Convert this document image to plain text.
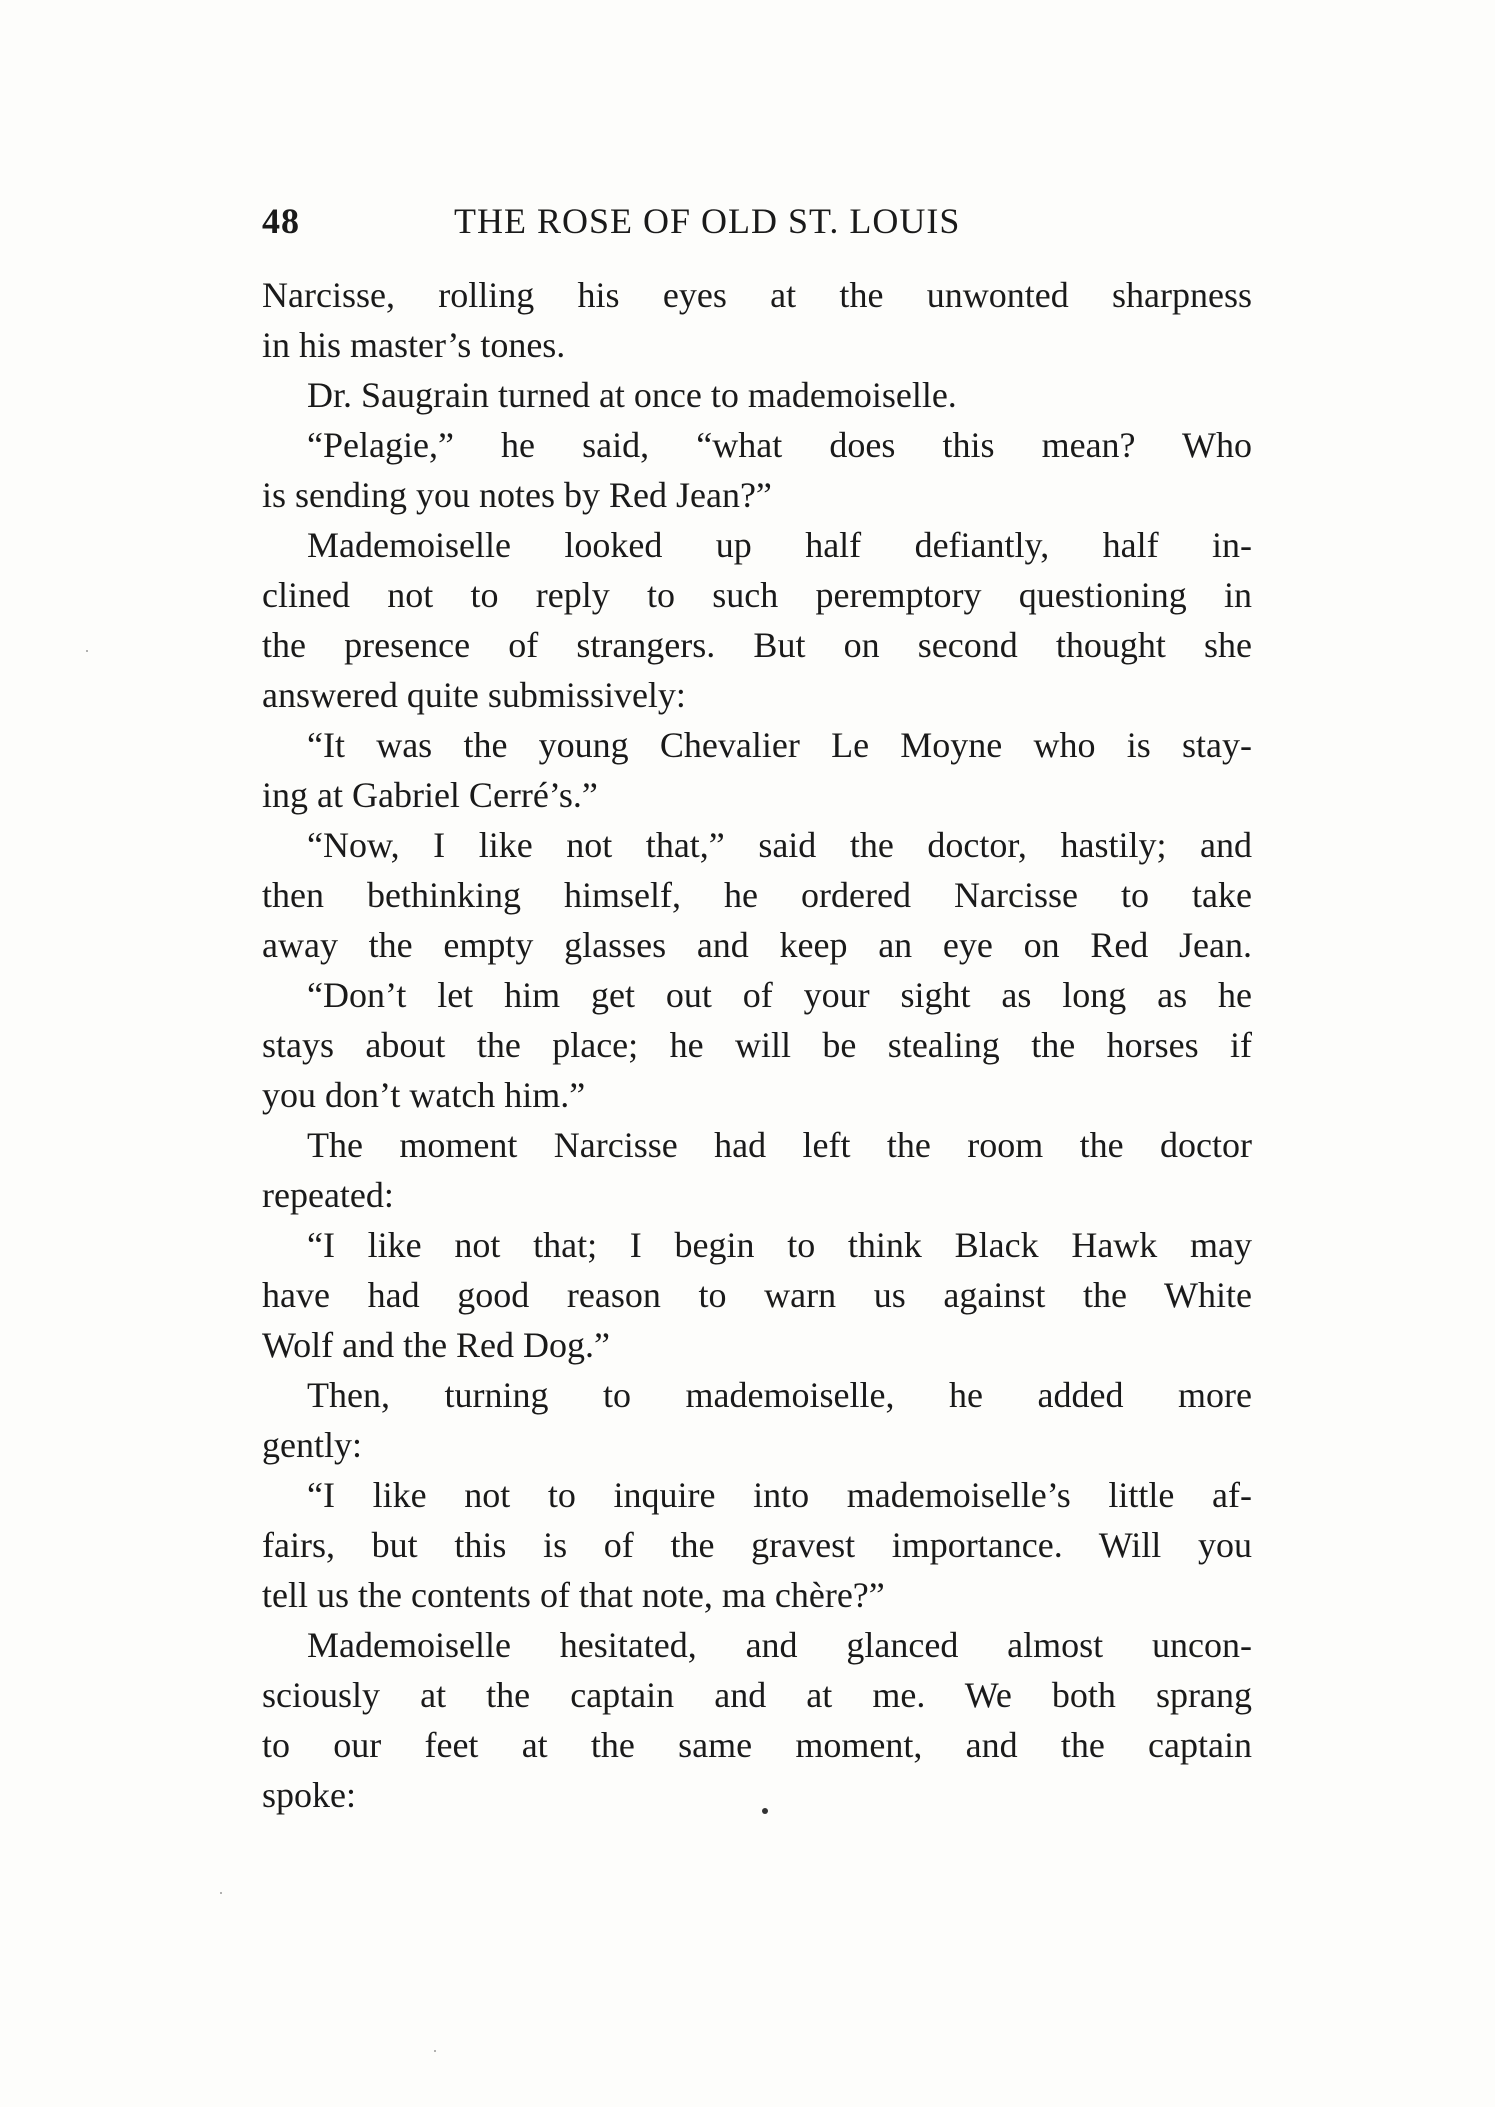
48	THE ROSE OF OLD ST. LOUIS
Narcisse, rolling his eyes at the unwonted sharpness
in his master’s tones.
Dr. Saugrain turned at once to mademoiselle.
“Pelagie,” he said, “what does this mean? Who
is sending you notes by Red Jean?”
Mademoiselle looked up half defiantly, half in-
clined not to reply to such peremptory questioning in
the presence of strangers. But on second thought she
answered quite submissively:
“It was the young Chevalier Le Moyne who is stay-
ing at Gabriel Cerré’s.”
“Now, I like not that,” said the doctor, hastily; and
then bethinking himself, he ordered Narcisse to take
away the empty glasses and keep an eye on Red Jean.
“Don’t let him get out of your sight as long as he
stays about the place; he will be stealing the horses if
you don’t watch him.”
The moment Narcisse had left the room the doctor
repeated:
“I like not that; I begin to think Black Hawk may
have had good reason to warn us against the White
Wolf and the Red Dog.”
Then, turning to mademoiselle, he added more
gently:
“I like not to inquire into mademoiselle’s little af-
fairs, but this is of the gravest importance. Will you
tell us the contents of that note, ma chère?”
Mademoiselle hesitated, and glanced almost uncon-
sciously at the captain and at me. We both sprang
to our feet at the same moment, and the captain
spoke:
